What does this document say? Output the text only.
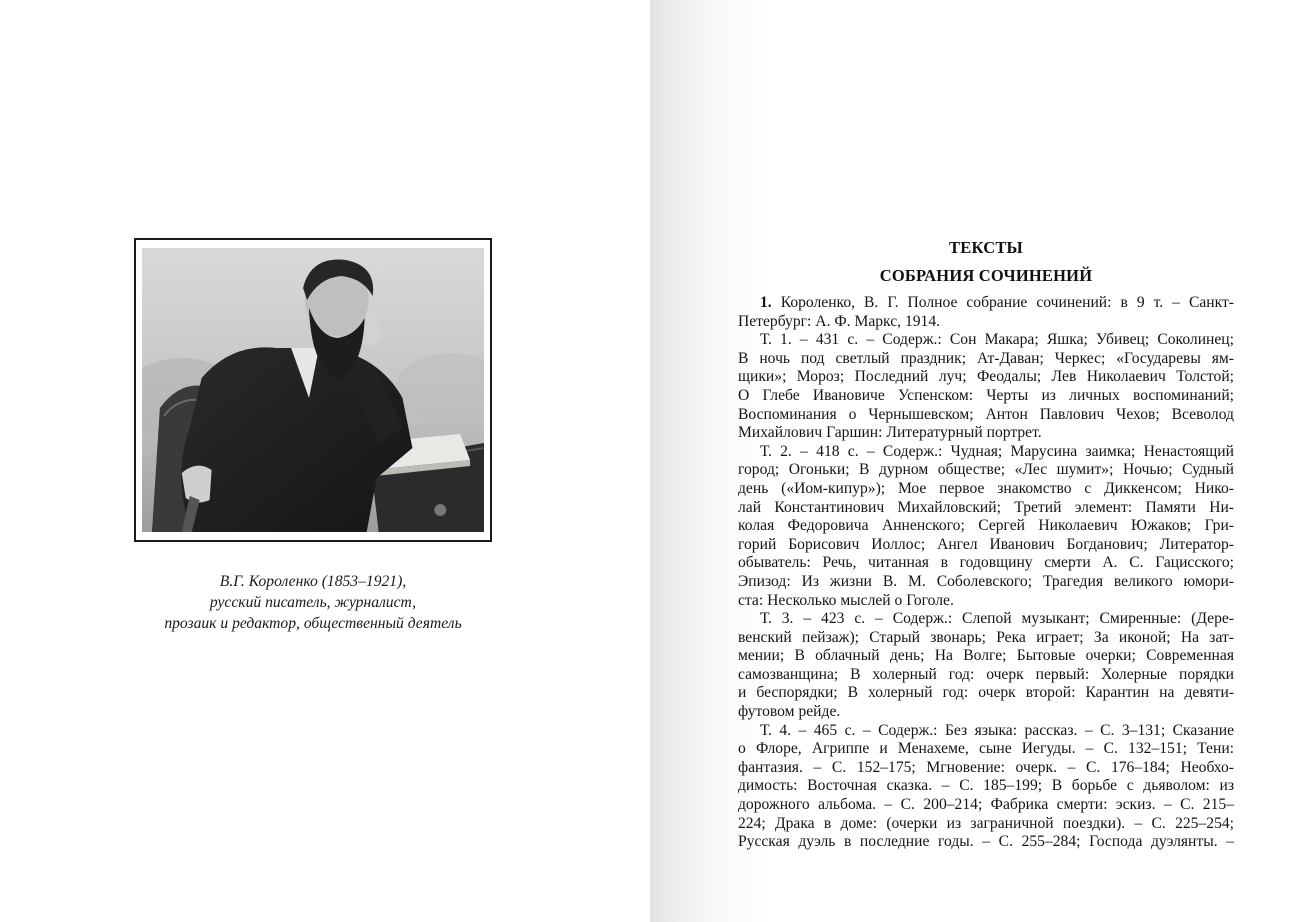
В.Г. Короленко (1853–1921),
русский писатель, журналист,
прозаик и редактор, общественный деятель
ТЕКСТЫ
СОБРАНИЯ СОЧИНЕНИЙ
1. Короленко, В. Г. Полное собрание сочинений: в 9 т. – Санкт-
Петербург: А. Ф. Маркс, 1914.
Т. 1. – 431 с. – Содерж.: Сон Макара; Яшка; Убивец; Соколинец;
В ночь под светлый праздник; Ат-Даван; Черкес; «Государевы ям-
щики»; Мороз; Последний луч; Феодалы; Лев Николаевич Толстой;
О Глебе Ивановиче Успенском: Черты из личных воспоминаний;
Воспоминания о Чернышевском; Антон Павлович Чехов; Всеволод
Михайлович Гаршин: Литературный портрет.
Т. 2. – 418 с. – Содерж.: Чудная; Марусина заимка; Ненастоящий
город; Огоньки; В дурном обществе; «Лес шумит»; Ночью; Судный
день («Иом-кипур»); Мое первое знакомство с Диккенсом; Нико-
лай Константинович Михайловский; Третий элемент: Памяти Ни-
колая Федоровича Анненского; Сергей Николаевич Южаков; Гри-
горий Борисович Иоллос; Ангел Иванович Богданович; Литератор-
обыватель: Речь, читанная в годовщину смерти А. С. Гацисского;
Эпизод: Из жизни В. М. Соболевского; Трагедия великого юмори-
ста: Несколько мыслей о Гоголе.
Т. 3. – 423 с. – Содерж.: Слепой музыкант; Смиренные: (Дере-
венский пейзаж); Старый звонарь; Река играет; За иконой; На зат-
мении; В облачный день; На Волге; Бытовые очерки; Современная
самозванщина; В холерный год: очерк первый: Холерные порядки
и беспорядки; В холерный год: очерк второй: Карантин на девяти-
футовом рейде.
Т. 4. – 465 с. – Содерж.: Без языка: рассказ. – С. 3–131; Сказание
о Флоре, Агриппе и Менахеме, сыне Иегуды. – С. 132–151; Тени:
фантазия. – С. 152–175; Мгновение: очерк. – С. 176–184; Необхо-
димость: Восточная сказка. – С. 185–199; В борьбе с дьяволом: из
дорожного альбома. – С. 200–214; Фабрика смерти: эскиз. – С. 215–
224; Драка в доме: (очерки из заграничной поездки). – С. 225–254;
Русская дуэль в последние годы. – С. 255–284; Господа дуэлянты. –
